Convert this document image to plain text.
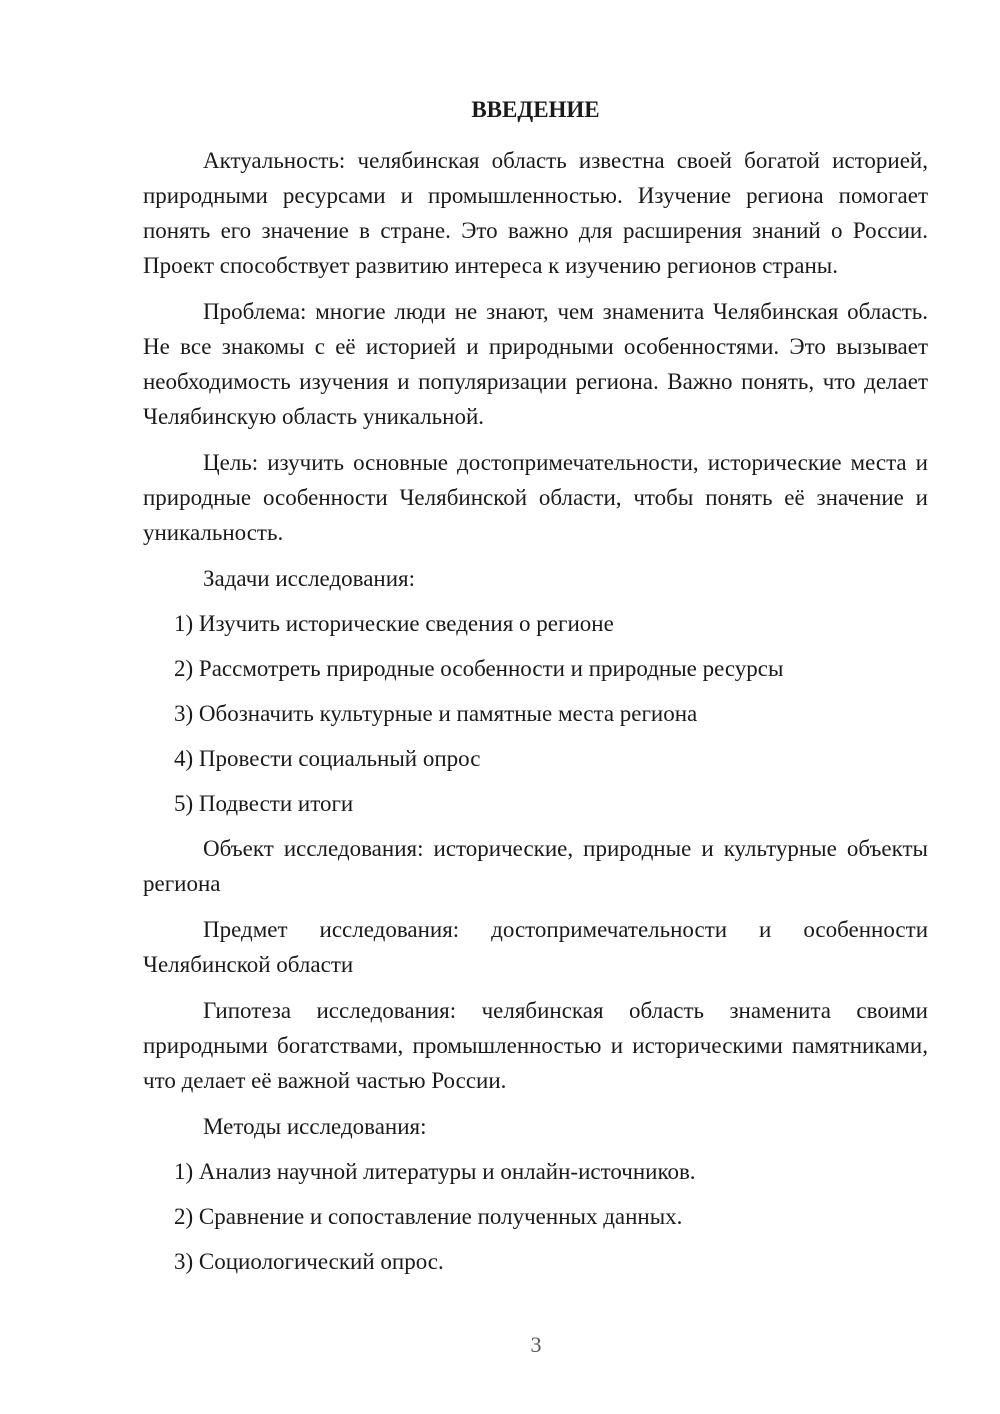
ВВЕДЕНИЕ

Актуальность: челябинская область известна своей богатой историей, природными ресурсами и промышленностью. Изучение региона помогает понять его значение в стране. Это важно для расширения знаний о России. Проект способствует развитию интереса к изучению регионов страны.

Проблема: многие люди не знают, чем знаменита Челябинская область. Не все знакомы с её историей и природными особенностями. Это вызывает необходимость изучения и популяризации региона. Важно понять, что делает Челябинскую область уникальной.

Цель: изучить основные достопримечательности, исторические места и природные особенности Челябинской области, чтобы понять её значение и уникальность.

Задачи исследования:
1) Изучить исторические сведения о регионе
2) Рассмотреть природные особенности и природные ресурсы
3) Обозначить культурные и памятные места региона
4) Провести социальный опрос
5) Подвести итоги

Объект исследования: исторические, природные и культурные объекты региона

Предмет исследования: достопримечательности и особенности Челябинской области

Гипотеза исследования: челябинская область знаменита своими природными богатствами, промышленностью и историческими памятниками, что делает её важной частью России.

Методы исследования:
1) Анализ научной литературы и онлайн-источников.
2) Сравнение и сопоставление полученных данных.
3) Социологический опрос.
3
